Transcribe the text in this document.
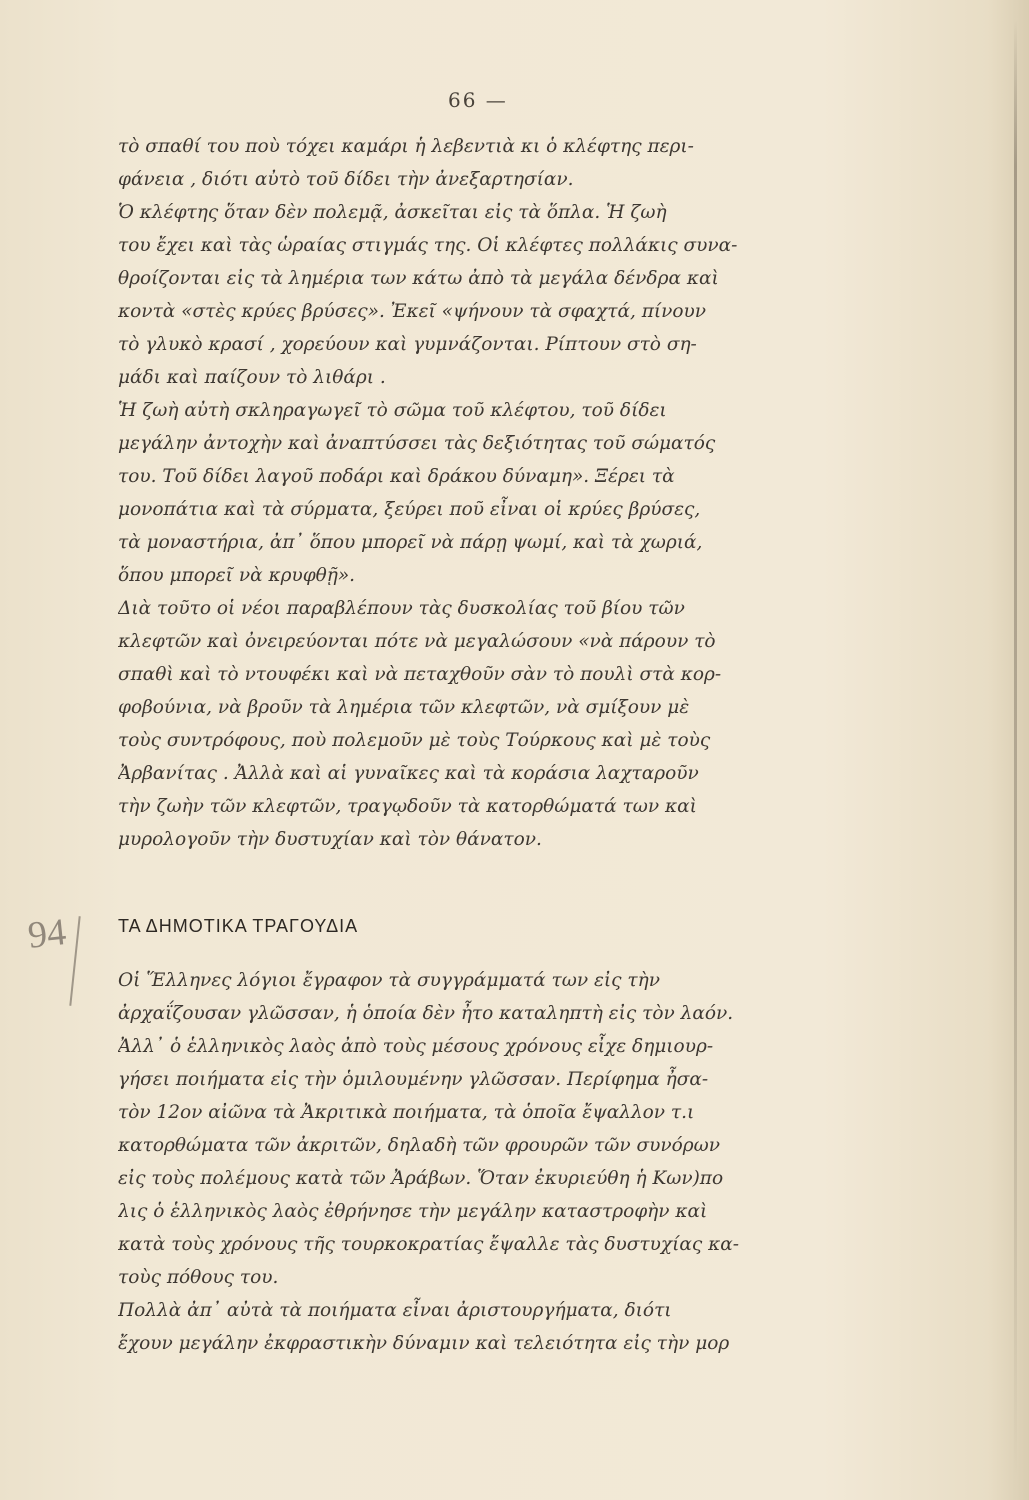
66 —
τὸ σπαθί του ποὺ τόχει καμάρι ἡ λεβεντιὰ κι ὁ κλέφτης περι-
φάνεια , διότι αὐτὸ τοῦ δίδει τὴν ἀνεξαρτησίαν.
Ὁ κλέφτης ὅταν δὲν πολεμᾷ, ἀσκεῖται εἰς τὰ ὅπλα. Ἡ ζωὴ
του ἔχει καὶ τὰς ὡραίας στιγμάς της. Οἱ κλέφτες πολλάκις συνα-
θροίζονται εἰς τὰ λημέρια των κάτω ἀπὸ τὰ μεγάλα δένδρα καὶ
κοντὰ «στὲς κρύες βρύσες». Ἐκεῖ «ψήνουν τὰ σφαχτά, πίνουν
τὸ γλυκὸ κρασί , χορεύουν καὶ γυμνάζονται. Ρίπτουν στὸ ση-
μάδι καὶ παίζουν τὸ λιθάρι .
Ἡ ζωὴ αὐτὴ σκληραγωγεῖ τὸ σῶμα τοῦ κλέφτου, τοῦ δίδει
μεγάλην ἀντοχὴν καὶ ἀναπτύσσει τὰς δεξιότητας τοῦ σώματός
του. Τοῦ δίδει λαγοῦ ποδάρι καὶ δράκου δύναμη». Ξέρει τὰ
μονοπάτια καὶ τὰ σύρματα, ξεύρει ποῦ εἶναι οἱ κρύες βρύσες,
τὰ μοναστήρια, ἀπ᾿ ὅπου μπορεῖ νὰ πάρῃ ψωμί, καὶ τὰ χωριά,
ὅπου μπορεῖ νὰ κρυφθῇ».
Διὰ τοῦτο οἱ νέοι παραβλέπουν τὰς δυσκολίας τοῦ βίου τῶν
κλεφτῶν καὶ ὀνειρεύονται πότε νὰ μεγαλώσουν «νὰ πάρουν τὸ
σπαθὶ καὶ τὸ ντουφέκι καὶ νὰ πεταχθοῦν σὰν τὸ πουλὶ στὰ κορ-
φοβούνια, νὰ βροῦν τὰ λημέρια τῶν κλεφτῶν, νὰ σμίξουν μὲ
τοὺς συντρόφους, ποὺ πολεμοῦν μὲ τοὺς Τούρκους καὶ μὲ τοὺς
Ἀρβανίτας . Ἀλλὰ καὶ αἱ γυναῖκες καὶ τὰ κοράσια λαχταροῦν
τὴν ζωὴν τῶν κλεφτῶν, τραγῳδοῦν τὰ κατορθώματά των καὶ
μυρολογοῦν τὴν δυστυχίαν καὶ τὸν θάνατον.
94	ΤΑ ΔΗΜΟΤΙΚΑ ΤΡΑΓΟΥΔΙΑ
Οἱ Ἕλληνες λόγιοι ἔγραφον τὰ συγγράμματά των εἰς τὴν
ἀρχαΐζουσαν γλῶσσαν, ἡ ὁποία δὲν ἦτο καταληπτὴ εἰς τὸν λαόν.
Ἀλλ᾿ ὁ ἑλληνικὸς λαὸς ἀπὸ τοὺς μέσους χρόνους εἶχε δημιουρ-
γήσει ποιήματα εἰς τὴν ὁμιλουμένην γλῶσσαν. Περίφημα ἦσα-
τὸν 12ον αἰῶνα τὰ Ἀκριτικὰ ποιήματα, τὰ ὁποῖα ἔψαλλον τ.ι
κατορθώματα τῶν ἀκριτῶν, δηλαδὴ τῶν φρουρῶν τῶν συνόρων
εἰς τοὺς πολέμους κατὰ τῶν Ἀράβων. Ὅταν ἐκυριεύθη ἡ Κων)πο
λις ὁ ἑλληνικὸς λαὸς ἐθρήνησε τὴν μεγάλην καταστροφὴν καὶ
κατὰ τοὺς χρόνους τῆς τουρκοκρατίας ἔψαλλε τὰς δυστυχίας κα-
τοὺς πόθους του.
Πολλὰ ἀπ᾿ αὐτὰ τὰ ποιήματα εἶναι ἀριστουργήματα, διότι
ἔχουν μεγάλην ἐκφραστικὴν δύναμιν καὶ τελειότητα εἰς τὴν μορ
